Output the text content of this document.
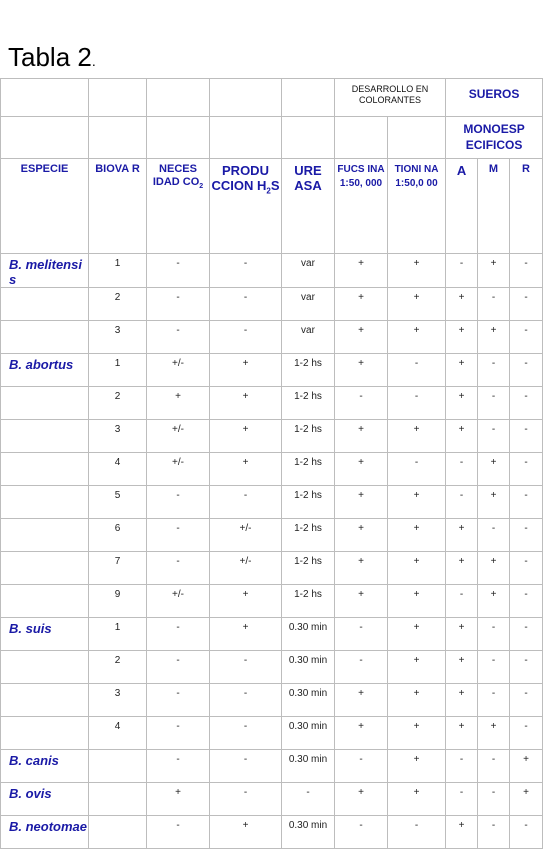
Tabla 2.
					DESARROLLO EN COLORANTES		SUEROS		
							MONOESP ECIFICOS		
ESPECIE	BIOVA R	NECES IDAD $CO_2$	PRODU CCION $H_2S$	URE ASA	FUCS INA 1:50, 000	TIONI NA 1:50,0 00	A	M	R
B. melitensi s	1	-	-	var	+	+	-	+	-
	2	-	-	var	+	+	+	-	-
	3	-	-	var	+	+	+	+	-
B. abortus	1	+/-	+	1-2 hs	+	-	+	-	-
	2	+	+	1-2 hs	-	-	+	-	-
	3	+/-	+	1-2 hs	+	+	+	-	-
	4	+/-	+	1-2 hs	+	-	-	+	-
	5	-	-	1-2 hs	+	+	-	+	-
	6	-	+/-	1-2 hs	+	+	+	-	-
	7	-	+/-	1-2 hs	+	+	+	+	-
	9	+/-	+	1-2 hs	+	+	-	+	-
B. suis	1	-	+	0.30 min	-	+	+	-	-
	2	-	-	0.30 min	-	+	+	-	-
	3	-	-	0.30 min	+	+	+	-	-
	4	-	-	0.30 min	+	+	+	+	-
B. canis		-	-	0.30 min	-	+	-	-	+
B. ovis		+	-	-	+	+	-	-	+
B. neotomae		-	+	0.30 min	-	-	+	-	-
